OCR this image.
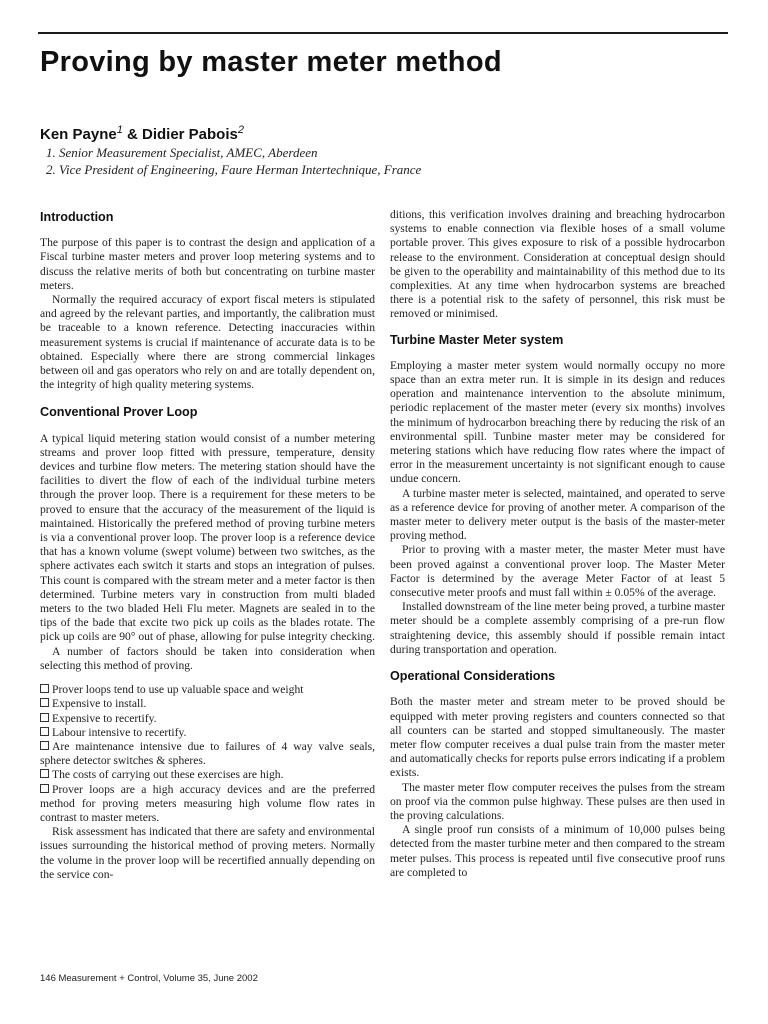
Proving by master meter method
Ken Payne$^1$ & Didier Pabois$^2$
1. Senior Measurement Specialist, AMEC, Aberdeen
2. Vice President of Engineering, Faure Herman Intertechnique, France
Introduction

The purpose of this paper is to contrast the design and application of a Fiscal turbine master meters and prover loop metering systems and to discuss the relative merits of both but concentrating on turbine master meters.

Normally the required accuracy of export fiscal meters is stipulated and agreed by the relevant parties, and importantly, the calibration must be traceable to a known reference. Detecting inaccuracies within measurement systems is crucial if maintenance of accurate data is to be obtained. Especially where there are strong commercial linkages between oil and gas operators who rely on and are totally dependent on, the integrity of high quality metering systems.

Conventional Prover Loop

A typical liquid metering station would consist of a number metering streams and prover loop fitted with pressure, temperature, density devices and turbine flow meters. The metering station should have the facilities to divert the flow of each of the individual turbine meters through the prover loop. There is a requirement for these meters to be proved to ensure that the accuracy of the measurement of the liquid is maintained. Historically the prefered method of proving turbine meters is via a conventional prover loop. The prover loop is a reference device that has a known volume (swept volume) between two switches, as the sphere activates each switch it starts and stops an integration of pulses. This count is compared with the stream meter and a meter factor is then determined. Turbine meters vary in construction from multi bladed meters to the two bladed Heli Flu meter. Magnets are sealed in to the tips of the bade that excite two pick up coils as the blades rotate. The pick up coils are 90° out of phase, allowing for pulse integrity checking.

A number of factors should be taken into consideration when selecting this method of proving.

Prover loops tend to use up valuable space and weight
Expensive to install.
Expensive to recertify.
Labour intensive to recertify.
Are maintenance intensive due to failures of 4 way valve seals, sphere detector switches & spheres.
The costs of carrying out these exercises are high.
Prover loops are a high accuracy devices and are the preferred method for proving meters measuring high volume flow rates in contrast to master meters.

Risk assessment has indicated that there are safety and environmental issues surrounding the historical method of proving meters. Normally the volume in the prover loop will be recertified annually depending on the service con-

ditions, this verification involves draining and breaching hydrocarbon systems to enable connection via flexible hoses of a small volume portable prover. This gives exposure to risk of a possible hydrocarbon release to the environment. Consideration at conceptual design should be given to the operability and maintainability of this method due to its complexities. At any time when hydrocarbon systems are breached there is a potential risk to the safety of personnel, this risk must be removed or minimised.

Turbine Master Meter system

Employing a master meter system would normally occupy no more space than an extra meter run. It is simple in its design and reduces operation and maintenance intervention to the absolute minimum, periodic replacement of the master meter (every six months) involves the minimum of hydrocarbon breaching there by reducing the risk of an environmental spill. Tunbine master meter may be considered for metering stations which have reducing flow rates where the impact of error in the measurement uncertainty is not significant enough to cause undue concern.

A turbine master meter is selected, maintained, and operated to serve as a reference device for proving of another meter. A comparison of the master meter to delivery meter output is the basis of the master-meter proving method.

Prior to proving with a master meter, the master Meter must have been proved against a conventional prover loop. The Master Meter Factor is determined by the average Meter Factor of at least 5 consecutive meter proofs and must fall within ± 0.05% of the average.

Installed downstream of the line meter being proved, a turbine master meter should be a complete assembly comprising of a pre-run flow straightening device, this assembly should if possible remain intact during transportation and operation.

Operational Considerations

Both the master meter and stream meter to be proved should be equipped with meter proving registers and counters connected so that all counters can be started and stopped simultaneously. The master meter flow computer receives a dual pulse train from the master meter and automatically checks for reports pulse errors indicating if a problem exists.

The master meter flow computer receives the pulses from the stream on proof via the common pulse highway. These pulses are then used in the proving calculations.

A single proof run consists of a minimum of 10,000 pulses being detected from the master turbine meter and then compared to the stream meter pulses. This process is repeated until five consecutive proof runs are completed to

146 Measurement + Control, Volume 35, June 2002
